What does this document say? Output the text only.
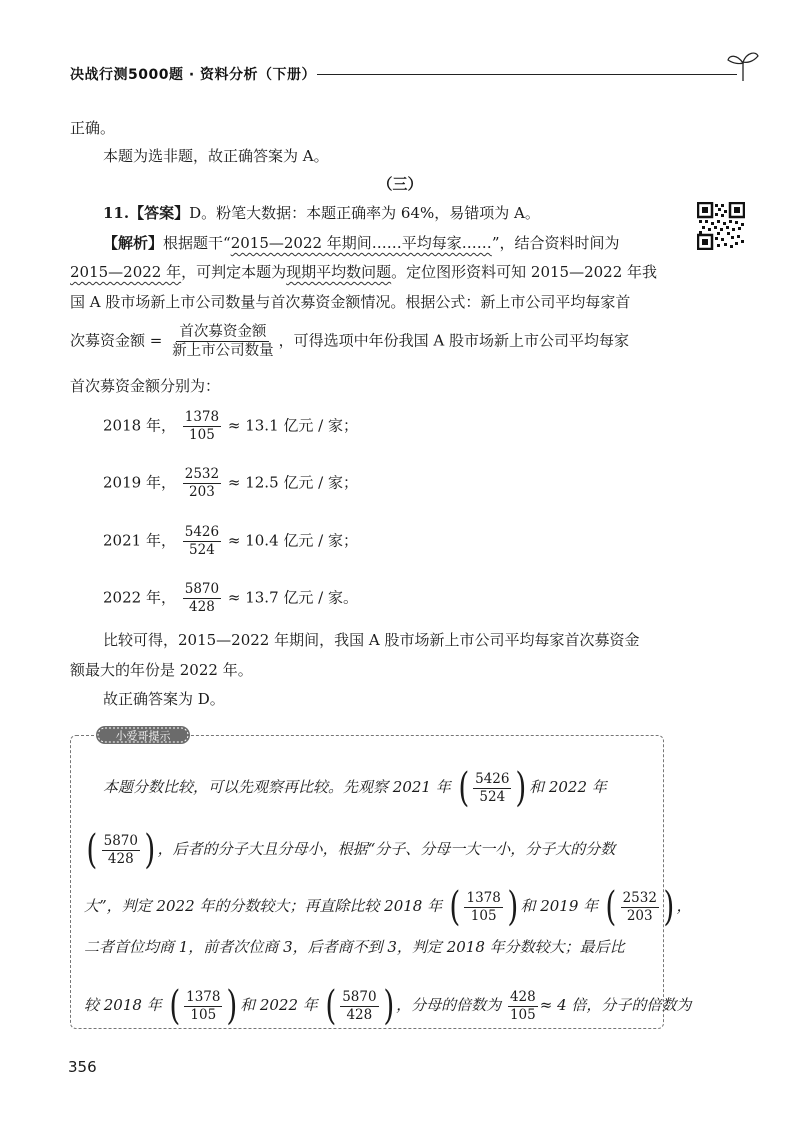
决战行测5000题 · 资料分析（下册）
正确。
本题为选非题，故正确答案为 A。
（三）
11.【答案】D。粉笔大数据：本题正确率为 64%，易错项为 A。
【解析】根据题干“2015—2022 年期间……平均每家……”，结合资料时间为
2015—2022 年，可判定本题为现期平均数问题。定位图形资料可知 2015—2022 年我
国 A 股市场新上市公司数量与首次募资金额情况。根据公式：新上市公司平均每家首
次募资金额 = $\frac{\text{首次募资金额}}{\text{新上市公司数量}}$ ，可得选项中年份我国 A 股市场新上市公司平均每家
首次募资金额分别为：
2018 年， $\frac{1378}{105} \approx 13.1$ 亿元 / 家；
2019 年， $\frac{2532}{203} \approx 12.5$ 亿元 / 家；
2021 年， $\frac{5426}{524} \approx 10.4$ 亿元 / 家；
2022 年， $\frac{5870}{428} \approx 13.7$ 亿元 / 家。
比较可得，2015—2022 年期间，我国 A 股市场新上市公司平均每家首次募资金
额最大的年份是 2022 年。
故正确答案为 D。
小爱哥提示
本题分数比较，可以先观察再比较。先观察 2021 年 ( $\frac{5426}{524}$ ) 和 2022 年
( $\frac{5870}{428}$ ) ，后者的分子大且分母小，根据“分子、分母一大一小，分子大的分数
大”，判定 2022 年的分数较大；再直除比较 2018 年 ( $\frac{1378}{105}$ ) 和 2019 年 ( $\frac{2532}{203}$ ) ，
二者首位均商 1，前者次位商 3，后者商不到 3，判定 2018 年分数较大；最后比
较 2018 年 ( $\frac{1378}{105}$ ) 和 2022 年 ( $\frac{5870}{428}$ ) ，分母的倍数为 $\frac{428}{105} \approx 4$ 倍，分子的倍数为
356
